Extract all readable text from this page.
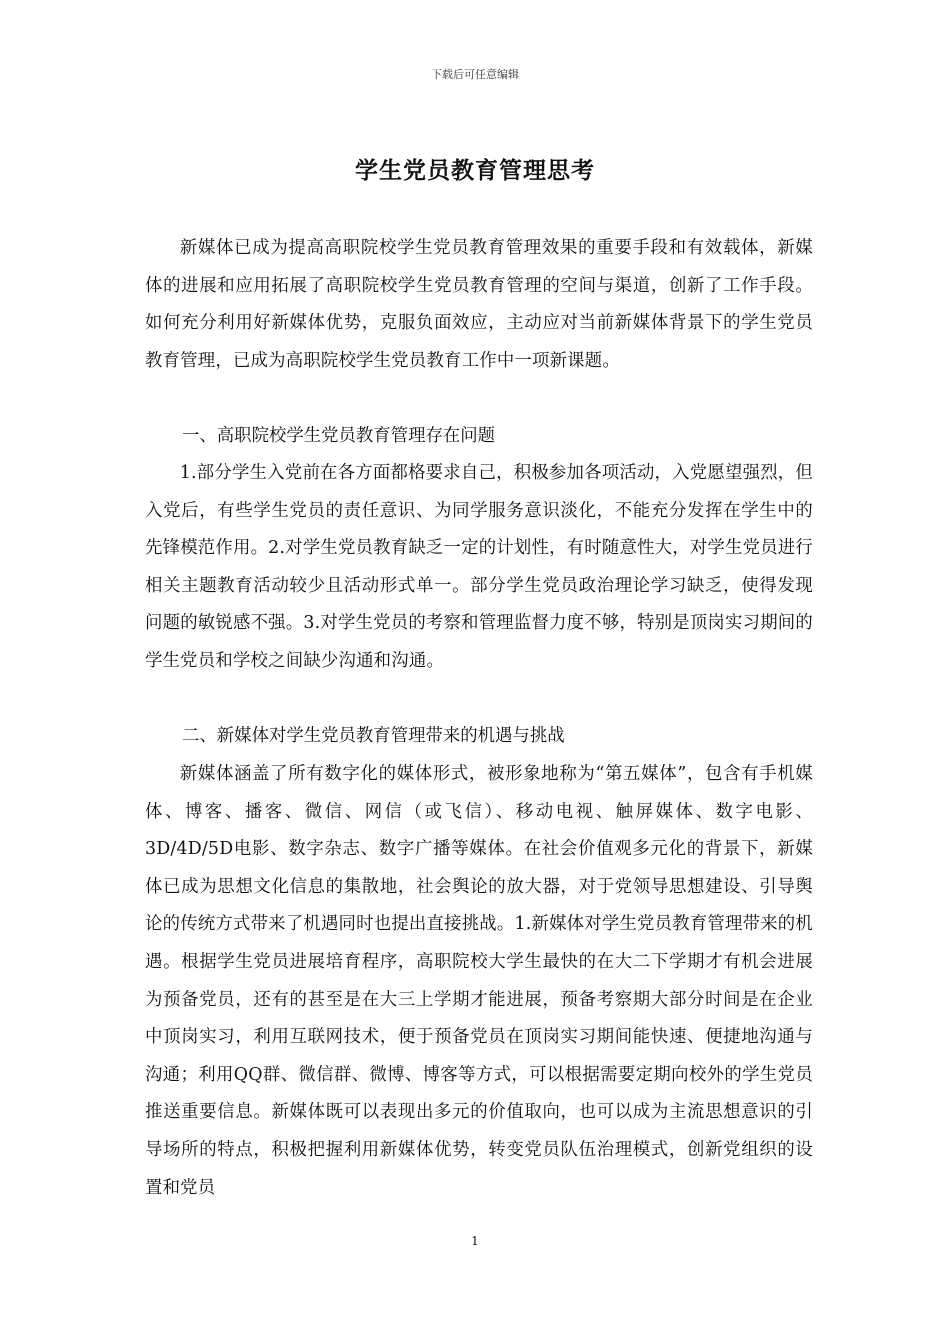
下载后可任意编辑
学生党员教育管理思考

新媒体已成为提高高职院校学生党员教育管理效果的重要手段和有效载体，新媒体的进展和应用拓展了高职院校学生党员教育管理的空间与渠道，创新了工作手段。如何充分利用好新媒体优势，克服负面效应，主动应对当前新媒体背景下的学生党员教育管理，已成为高职院校学生党员教育工作中一项新课题。

一、高职院校学生党员教育管理存在问题

1.部分学生入党前在各方面都格要求自己，积极参加各项活动，入党愿望强烈，但入党后，有些学生党员的责任意识、为同学服务意识淡化，不能充分发挥在学生中的先锋模范作用。2.对学生党员教育缺乏一定的计划性，有时随意性大，对学生党员进行相关主题教育活动较少且活动形式单一。部分学生党员政治理论学习缺乏，使得发现问题的敏锐感不强。3.对学生党员的考察和管理监督力度不够，特别是顶岗实习期间的学生党员和学校之间缺少沟通和沟通。

二、新媒体对学生党员教育管理带来的机遇与挑战

新媒体涵盖了所有数字化的媒体形式，被形象地称为“第五媒体”，包含有手机媒体、博客、播客、微信、网信（或飞信）、移动电视、触屏媒体、数字电影、3D/4D/5D电影、数字杂志、数字广播等媒体。在社会价值观多元化的背景下，新媒体已成为思想文化信息的集散地，社会舆论的放大器，对于党领导思想建设、引导舆论的传统方式带来了机遇同时也提出直接挑战。1.新媒体对学生党员教育管理带来的机遇。根据学生党员进展培育程序，高职院校大学生最快的在大二下学期才有机会进展为预备党员，还有的甚至是在大三上学期才能进展，预备考察期大部分时间是在企业中顶岗实习，利用互联网技术，便于预备党员在顶岗实习期间能快速、便捷地沟通与沟通；利用QQ群、微信群、微博、博客等方式，可以根据需要定期向校外的学生党员推送重要信息。新媒体既可以表现出多元的价值取向，也可以成为主流思想意识的引导场所的特点，积极把握利用新媒体优势，转变党员队伍治理模式，创新党组织的设置和党员

1
